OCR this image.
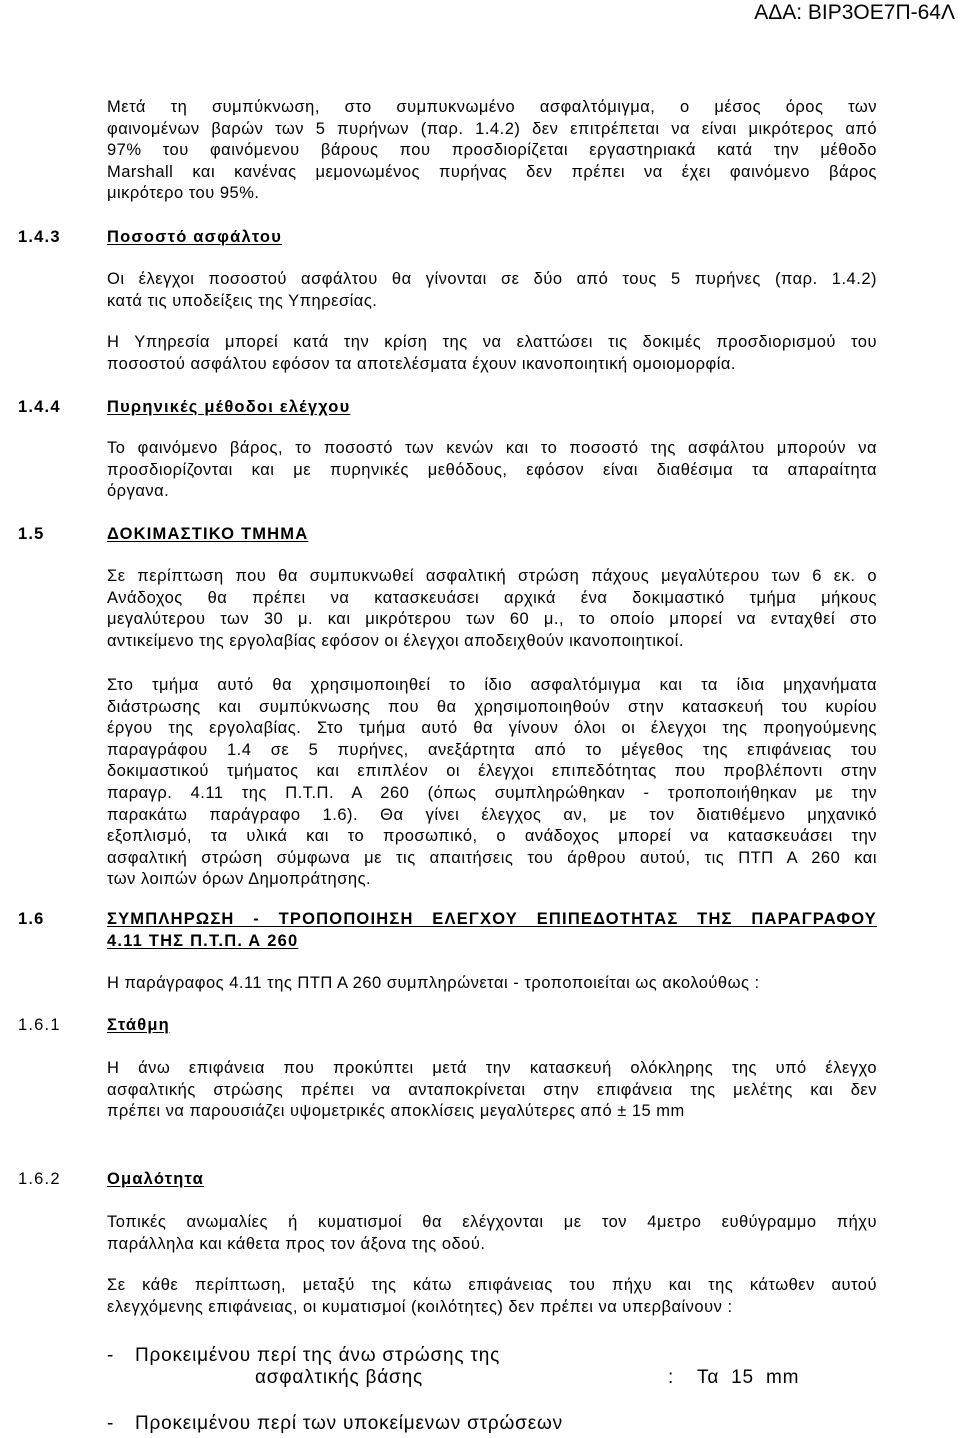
ΑΔΑ: ΒΙΡ3ΟΕ7Π-64Λ
Μετά τη συμπύκνωση, στο συμπυκνωμένο ασφαλτόμιγμα, ο μέσος όρος των
φαινομένων βαρών των 5 πυρήνων (παρ. 1.4.2) δεν επιτρέπεται να είναι μικρότερος από
97% του φαινόμενου βάρους που προσδιορίζεται εργαστηριακά κατά την μέθοδο
Marshall και κανένας μεμονωμένος πυρήνας δεν πρέπει να έχει φαινόμενο βάρος
μικρότερο του 95%.
1.4.3	Ποσοστό ασφάλτου
Οι έλεγχοι ποσοστού ασφάλτου θα γίνονται σε δύο από τους 5 πυρήνες (παρ. 1.4.2)
κατά τις υποδείξεις της Υπηρεσίας.
Η Υπηρεσία μπορεί κατά την κρίση της να ελαττώσει τις δοκιμές προσδιορισμού του
ποσοστού ασφάλτου εφόσον τα αποτελέσματα έχουν ικανοποιητική ομοιομορφία.
1.4.4	Πυρηνικές μέθοδοι ελέγχου
Το φαινόμενο βάρος, το ποσοστό των κενών και το ποσοστό της ασφάλτου μπορούν να
προσδιορίζονται και με πυρηνικές μεθόδους, εφόσον είναι διαθέσιμα τα απαραίτητα
όργανα.
1.5	ΔΟΚΙΜΑΣΤΙΚΟ ΤΜΗΜΑ
Σε περίπτωση που θα συμπυκνωθεί ασφαλτική στρώση πάχους μεγαλύτερου των 6 εκ. ο
Ανάδοχος θα πρέπει να κατασκευάσει αρχικά ένα δοκιμαστικό τμήμα μήκους
μεγαλύτερου των 30 μ. και μικρότερου των 60 μ., το οποίο μπορεί να ενταχθεί στο
αντικείμενο της εργολαβίας εφόσον οι έλεγχοι αποδειχθούν ικανοποιητικοί.
Στο τμήμα αυτό θα χρησιμοποιηθεί το ίδιο ασφαλτόμιγμα και τα ίδια μηχανήματα
διάστρωσης και συμπύκνωσης που θα χρησιμοποιηθούν στην κατασκευή του κυρίου
έργου της εργολαβίας. Στο τμήμα αυτό θα γίνουν όλοι οι έλεγχοι της προηγούμενης
παραγράφου 1.4 σε 5 πυρήνες, ανεξάρτητα από το μέγεθος της επιφάνειας του
δοκιμαστικού τμήματος και επιπλέον οι έλεγχοι επιπεδότητας που προβλέποντι στην
παραγρ. 4.11 της Π.Τ.Π. Α 260 (όπως συμπληρώθηκαν - τροποποιήθηκαν με την
παρακάτω παράγραφο 1.6). Θα γίνει έλεγχος αν, με τον διατιθέμενο μηχανικό
εξοπλισμό, τα υλικά και το προσωπικό, ο ανάδοχος μπορεί να κατασκευάσει την
ασφαλτική στρώση σύμφωνα με τις απαιτήσεις του άρθρου αυτού, τις ΠΤΠ Α 260 και
των λοιπών όρων Δημοπράτησης.
1.6	ΣΥΜΠΛΗΡΩΣΗ - ΤΡΟΠΟΠΟΙΗΣΗ ΕΛΕΓΧΟΥ ΕΠΙΠΕΔΟΤΗΤΑΣ ΤΗΣ ΠΑΡΑΓΡΑΦΟΥ
4.11 ΤΗΣ Π.Τ.Π. Α 260
Η παράγραφος 4.11 της ΠΤΠ Α 260 συμπληρώνεται - τροποποιείται ως ακολούθως :
1.6.1	Στάθμη
Η άνω επιφάνεια που προκύπτει μετά την κατασκευή ολόκληρης της υπό έλεγχο
ασφαλτικής στρώσης πρέπει να ανταποκρίνεται στην επιφάνεια της μελέτης και δεν
πρέπει να παρουσιάζει υψομετρικές αποκλίσεις μεγαλύτερες από ± 15 mm
1.6.2	Ομαλότητα
Τοπικές ανωμαλίες ή κυματισμοί θα ελέγχονται με τον 4μετρο ευθύγραμμο πήχυ
παράλληλα και κάθετα προς τον άξονα της οδού.
Σε κάθε περίπτωση, μεταξύ της κάτω επιφάνειας του πήχυ και της κάτωθεν αυτού
ελεγχόμενης επιφάνειας, οι κυματισμοί (κοιλότητες) δεν πρέπει να υπερβαίνουν :
- Προκειμένου περί της άνω στρώσης της
ασφαλτικής βάσης	: Τα 15 mm
- Προκειμένου περί των υποκείμενων στρώσεων
